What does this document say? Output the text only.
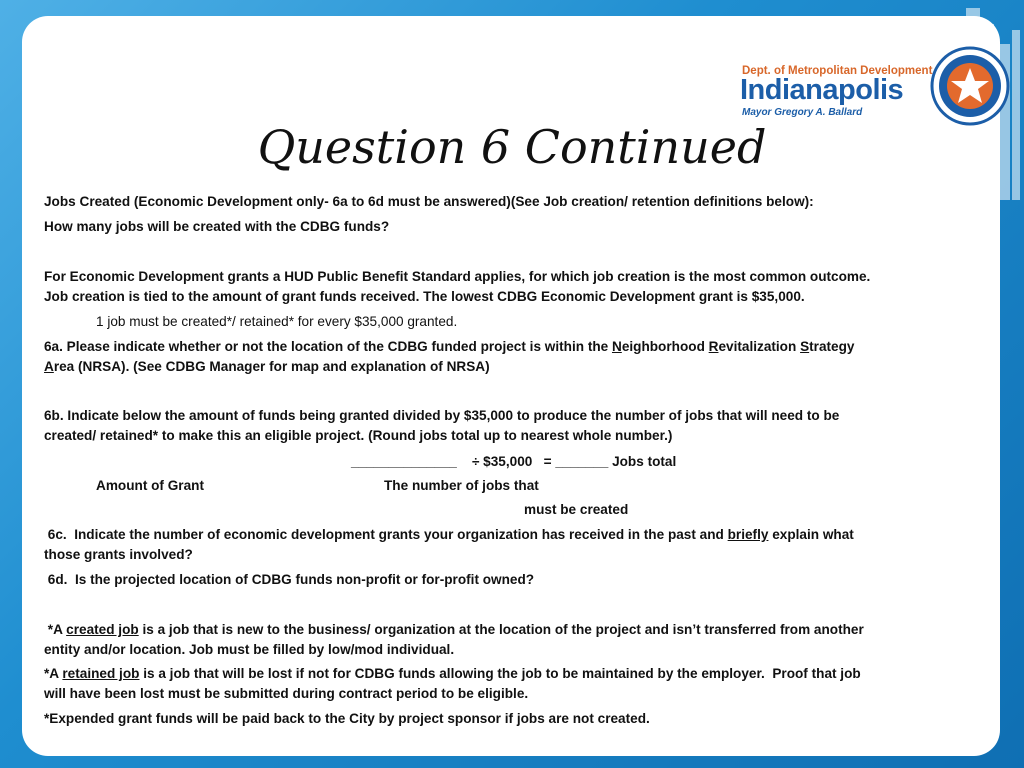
Dept. of Metropolitan Development
Indianapolis
Mayor Gregory A. Ballard
Question 6 Continued
Jobs Created (Economic Development only- 6a to 6d must be answered)(See Job creation/ retention definitions below):
How many jobs will be created with the CDBG funds?
For Economic Development grants a HUD Public Benefit Standard applies, for which job creation is the most common outcome.
Job creation is tied to the amount of grant funds received. The lowest CDBG Economic Development grant is $35,000.
1 job must be created*/ retained* for every $35,000 granted.
6a. Please indicate whether or not the location of the CDBG funded project is within the Neighborhood Revitalization Strategy
Area (NRSA). (See CDBG Manager for map and explanation of NRSA)
6b. Indicate below the amount of funds being granted divided by $35,000 to produce the number of jobs that will need to be
created/ retained* to make this an eligible project. (Round jobs total up to nearest whole number.)
______________    ÷ $35,000   = _______ Jobs total
Amount of Grant	The number of jobs that
must be created
6c.  Indicate the number of economic development grants your organization has received in the past and briefly explain what
those grants involved?
6d.  Is the projected location of CDBG funds non-profit or for-profit owned?
*A created job is a job that is new to the business/ organization at the location of the project and isn’t transferred from another
entity and/or location. Job must be filled by low/mod individual.
*A retained job is a job that will be lost if not for CDBG funds allowing the job to be maintained by the employer.  Proof that job
will have been lost must be submitted during contract period to be eligible.
*Expended grant funds will be paid back to the City by project sponsor if jobs are not created.
